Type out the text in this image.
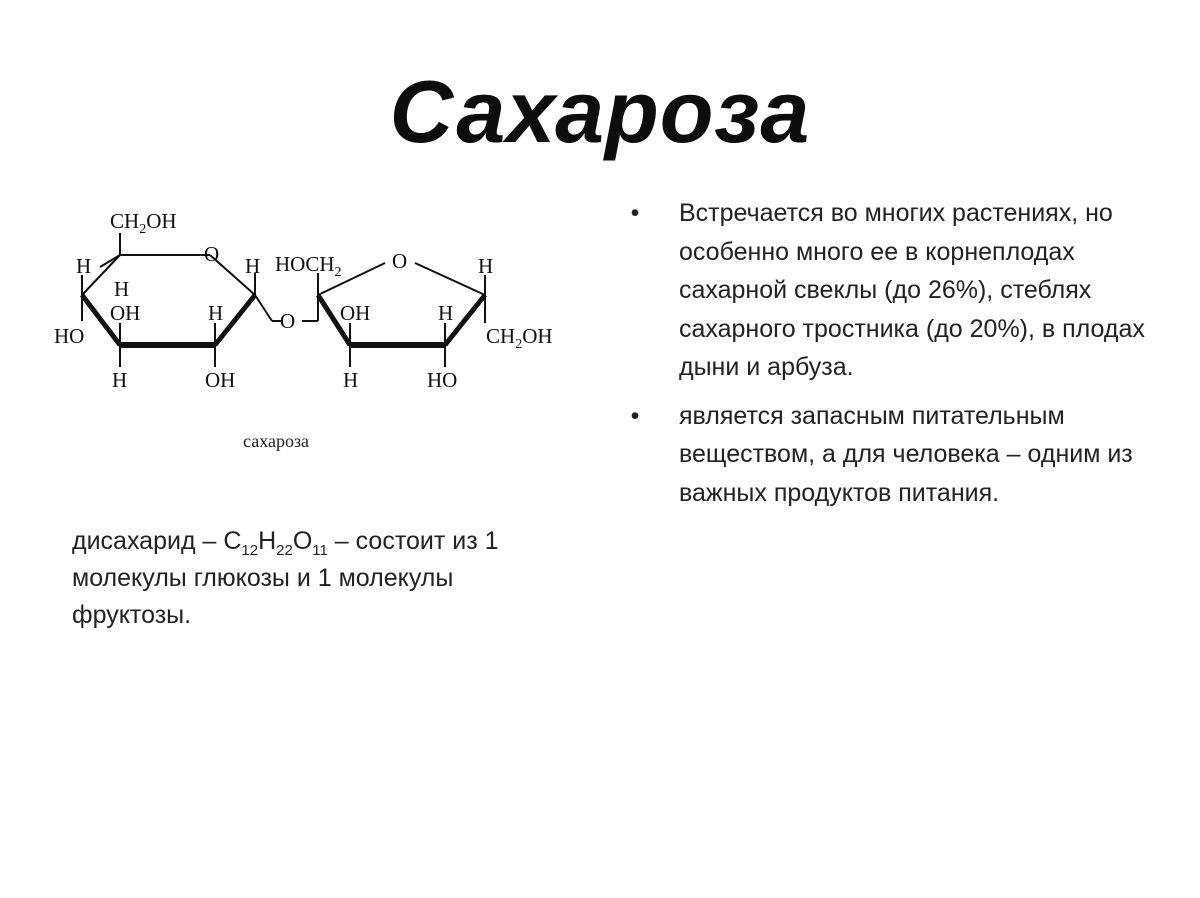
Сахароза
$CH_2OH$
O
H	H
H
OH	H
HO
H	OH
O
$HOCH_2$ O	H
OH	H
H	HO
$CH_2OH$
сахароза
дисахарид – $C_{12}H_{22}O_{11}$ – состоит из 1 молекулы глюкозы и 1 молекулы фруктозы.
• Встречается во многих растениях, но особенно много ее в корнеплодах сахарной свеклы (до 26%), стеблях сахарного тростника (до 20%), в плодах дыни и арбуза.
• является запасным питательным веществом, а для человека – одним из важных продуктов питания.
